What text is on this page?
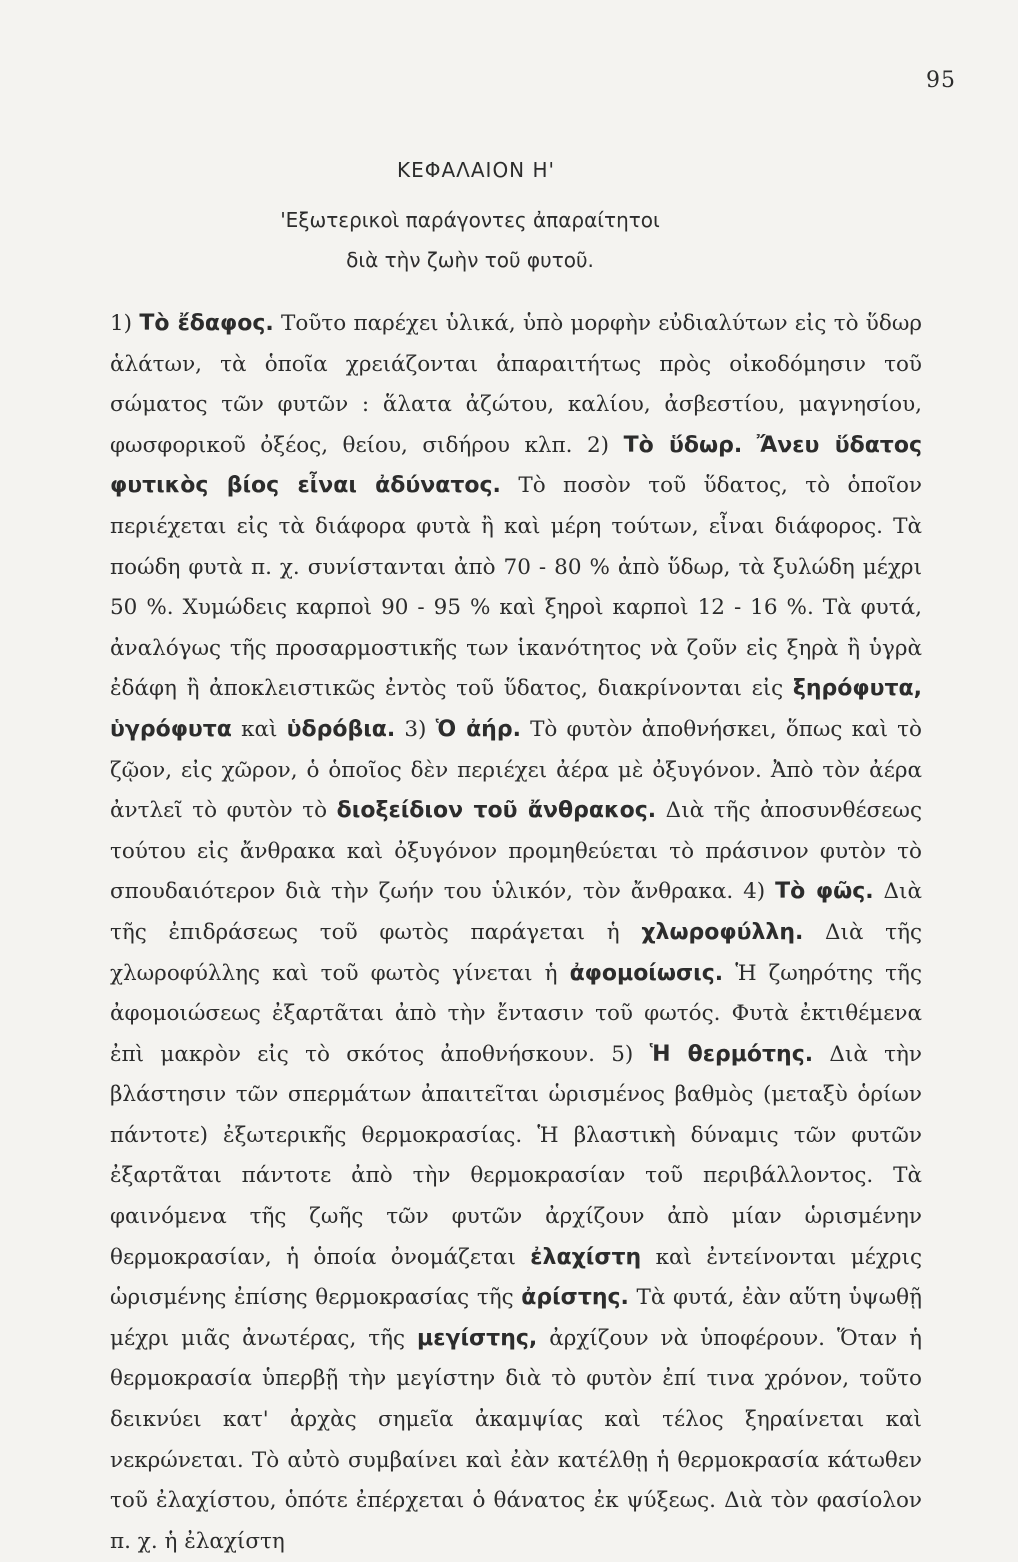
95
ΚΕΦΑΛΑΙΟΝ Η'
'Εξωτερικοὶ παράγοντες ἀπαραίτητοι
διὰ τὴν ζωὴν τοῦ φυτοῦ.
1) Τὸ ἔδαφος. Τοῦτο παρέχει ὑλικά, ὑπὸ μορφὴν εὐδιαλύτων εἰς τὸ ὕδωρ ἁλάτων, τὰ ὁποῖα χρειάζονται ἀπαραιτήτως πρὸς οἰκοδόμησιν τοῦ σώματος τῶν φυτῶν : ἅλατα ἀζώτου, καλίου, ἀσβεστίου, μαγνησίου, φωσφορικοῦ ὀξέος, θείου, σιδήρου κλπ. 2) Τὸ ὕδωρ. Ἄνευ ὕδατος φυτικὸς βίος εἶναι ἀδύνατος. Τὸ ποσὸν τοῦ ὕδατος, τὸ ὁποῖον περιέχεται εἰς τὰ διάφορα φυτὰ ἢ καὶ μέρη τούτων, εἶναι διάφορος. Τὰ ποώδη φυτὰ π. χ. συνίστανται ἀπὸ 70 - 80 % ἀπὸ ὕδωρ, τὰ ξυλώδη μέχρι 50 %. Χυμώδεις καρποὶ 90 - 95 % καὶ ξηροὶ καρποὶ 12 - 16 %. Τὰ φυτά, ἀναλόγως τῆς προσαρμοστικῆς των ἱκανότητος νὰ ζοῦν εἰς ξηρὰ ἢ ὑγρὰ ἐδάφη ἢ ἀποκλειστικῶς ἐντὸς τοῦ ὕδατος, διακρίνονται εἰς ξηρόφυτα, ὑγρόφυτα καὶ ὑδρόβια. 3) Ὁ ἀήρ. Τὸ φυτὸν ἀποθνήσκει, ὅπως καὶ τὸ ζῷον, εἰς χῶρον, ὁ ὁποῖος δὲν περιέχει ἀέρα μὲ ὀξυγόνον. Ἀπὸ τὸν ἀέρα ἀντλεῖ τὸ φυτὸν τὸ διοξείδιον τοῦ ἄνθρακος. Διὰ τῆς ἀποσυνθέσεως τούτου εἰς ἄνθρακα καὶ ὀξυγόνον προμηθεύεται τὸ πράσινον φυτὸν τὸ σπουδαιότερον διὰ τὴν ζωήν του ὑλικόν, τὸν ἄνθρακα. 4) Τὸ φῶς. Διὰ τῆς ἐπιδράσεως τοῦ φωτὸς παράγεται ἡ χλωροφύλλη. Διὰ τῆς χλωροφύλλης καὶ τοῦ φωτὸς γίνεται ἡ ἀφομοίωσις. Ἡ ζωηρότης τῆς ἀφομοιώσεως ἐξαρτᾶται ἀπὸ τὴν ἔντασιν τοῦ φωτός. Φυτὰ ἐκτιθέμενα ἐπὶ μακρὸν εἰς τὸ σκότος ἀποθνήσκουν. 5) Ἡ θερμότης. Διὰ τὴν βλάστησιν τῶν σπερμάτων ἀπαιτεῖται ὡρισμένος βαθμὸς (μεταξὺ ὁρίων πάντοτε) ἐξωτερικῆς θερμοκρασίας. Ἡ βλαστικὴ δύναμις τῶν φυτῶν ἐξαρτᾶται πάντοτε ἀπὸ τὴν θερμοκρασίαν τοῦ περιβάλλοντος. Τὰ φαινόμενα τῆς ζωῆς τῶν φυτῶν ἀρχίζουν ἀπὸ μίαν ὡρισμένην θερμοκρασίαν, ἡ ὁποία ὀνομάζεται ἐλαχίστη καὶ ἐντείνονται μέχρις ὡρισμένης ἐπίσης θερμοκρασίας τῆς ἀρίστης. Τὰ φυτά, ἐὰν αὕτη ὑψωθῇ μέχρι μιᾶς ἀνωτέρας, τῆς μεγίστης, ἀρχίζουν νὰ ὑποφέρουν. Ὅταν ἡ θερμοκρασία ὑπερβῇ τὴν μεγίστην διὰ τὸ φυτὸν ἐπί τινα χρόνον, τοῦτο δεικνύει κατ' ἀρχὰς σημεῖα ἀκαμψίας καὶ τέλος ξηραίνεται καὶ νεκρώνεται. Τὸ αὐτὸ συμβαίνει καὶ ἐὰν κατέλθῃ ἡ θερμοκρασία κάτωθεν τοῦ ἐλαχίστου, ὁπότε ἐπέρχεται ὁ θάνατος ἐκ ψύξεως. Διὰ τὸν φασίολον π. χ. ἡ ἐλαχίστη
